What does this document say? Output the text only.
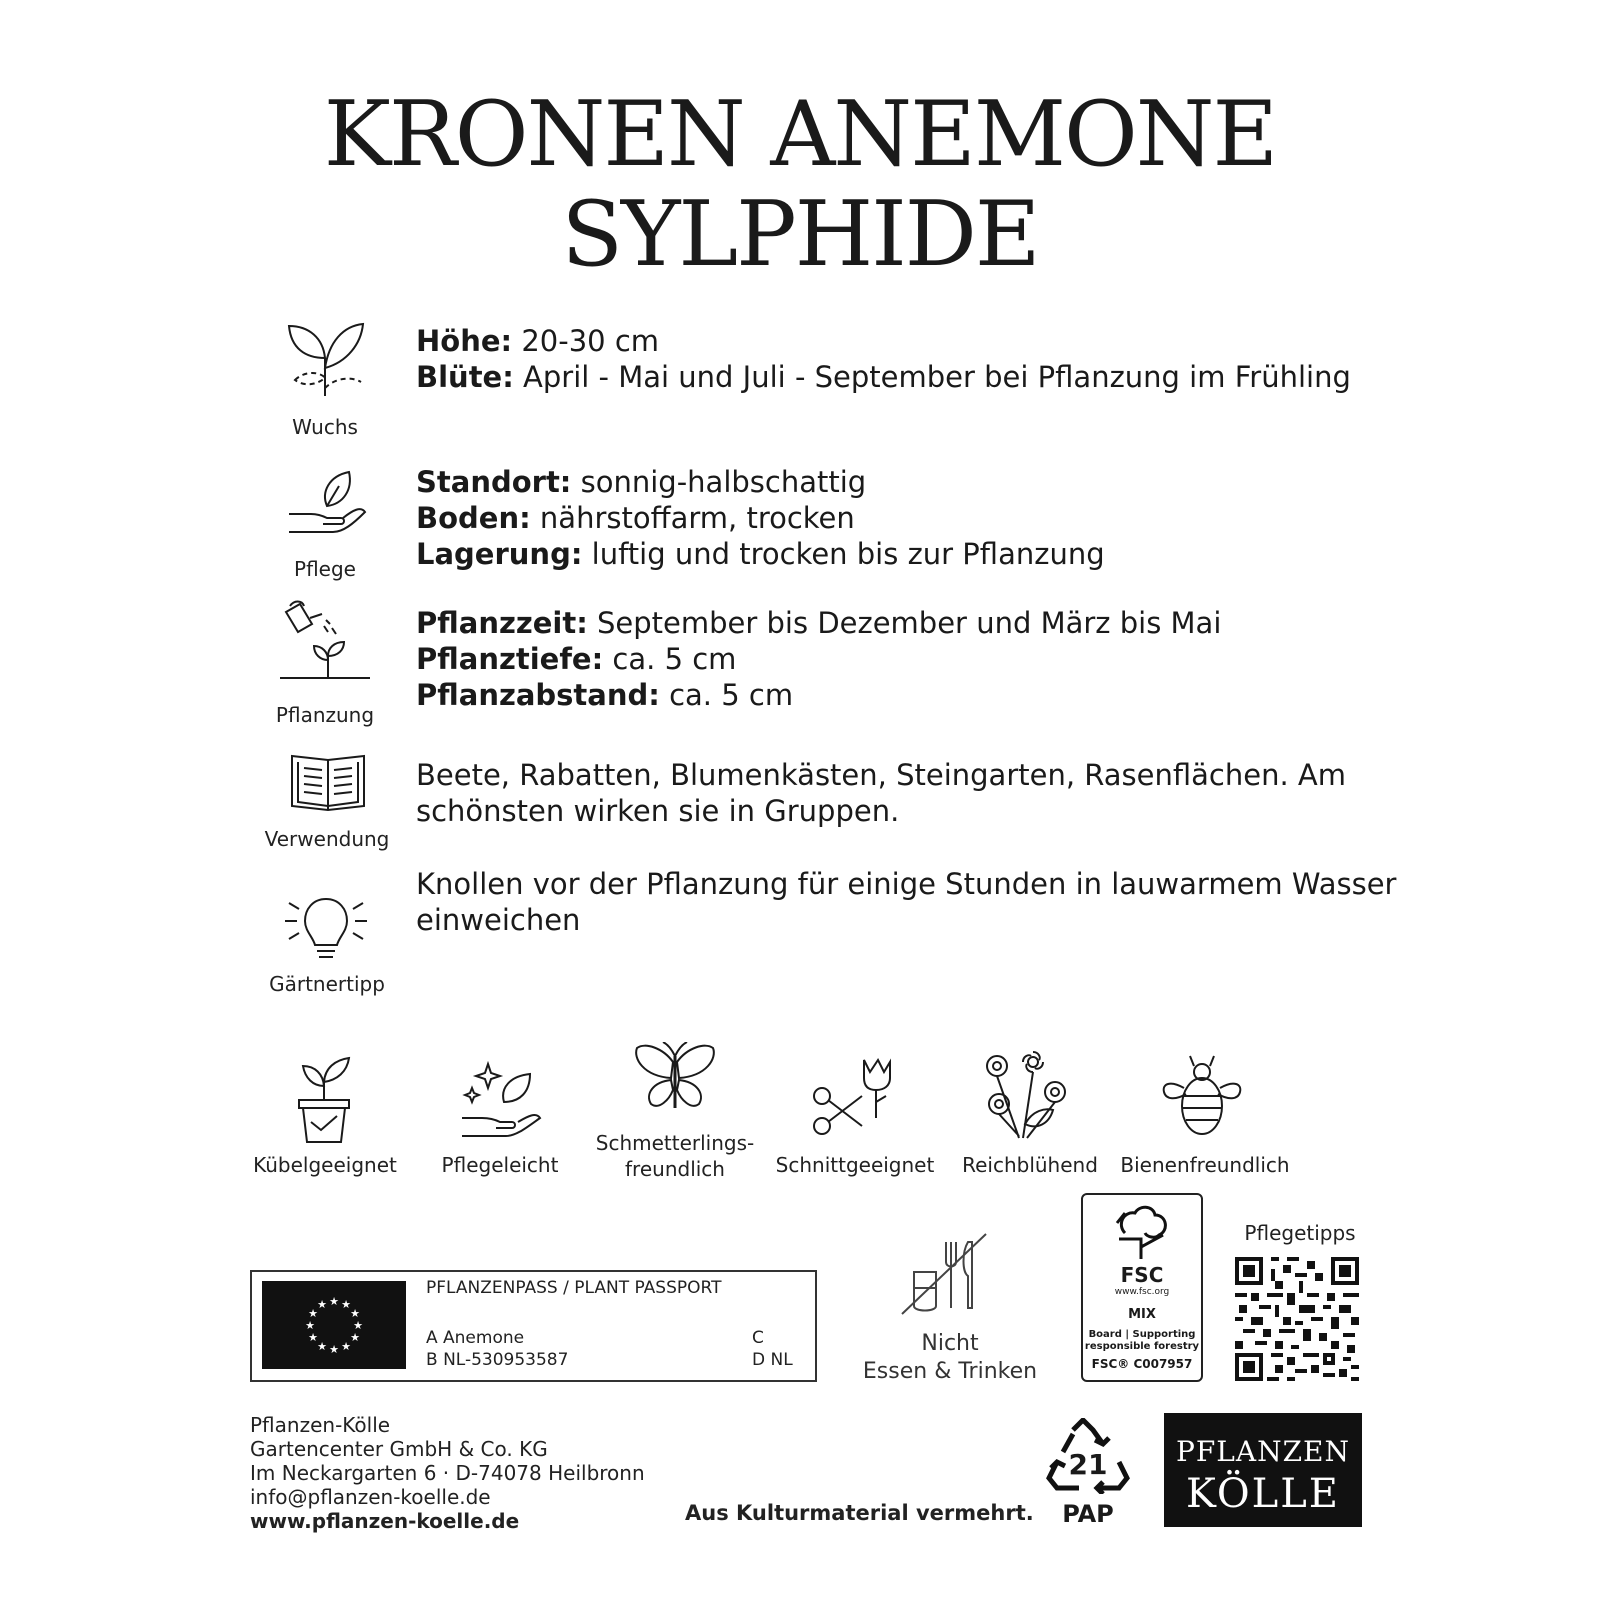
KRONEN ANEMONE
SYLPHIDE
Wuchs
Höhe: 20-30 cm
Blüte: April - Mai und Juli - September bei Pflanzung im Frühling
Pflege
Standort: sonnig-halbschattig
Boden: nährstoffarm, trocken
Lagerung: luftig und trocken bis zur Pflanzung
Pflanzung
Pflanzzeit: September bis Dezember und März bis Mai
Pflanztiefe: ca. 5 cm
Pflanzabstand: ca. 5 cm
Verwendung
Beete, Rabatten, Blumenkästen, Steingarten, Rasenflächen. Am
schönsten wirken sie in Gruppen.
Gärtnertipp
Knollen vor der Pflanzung für einige Stunden in lauwarmem Wasser
einweichen
Kübelgeeignet	Pflegeleicht
Schmetterlings-
freundlich	Schnittgeeignet	Reichblühend	Bienenfreundlich
★ ★
★
★
★
★
★
★
★
★
★
★
PFLANZENPASS / PLANT PASSPORT
A Anemone
B NL-530953587
C
D NL
Nicht
Essen & Trinken
FSC
www.fsc.org
MIX
Board | Supporting
responsible forestry
FSC® C007957
Pflegetipps
Pflanzen-Kölle
Gartencenter GmbH & Co. KG
Im Neckargarten 6 · D-74078 Heilbronn
info@pflanzen-koelle.de
www.pflanzen-koelle.de	Aus Kulturmaterial vermehrt.
21
PAP
PFLANZEN
KÖLLE
